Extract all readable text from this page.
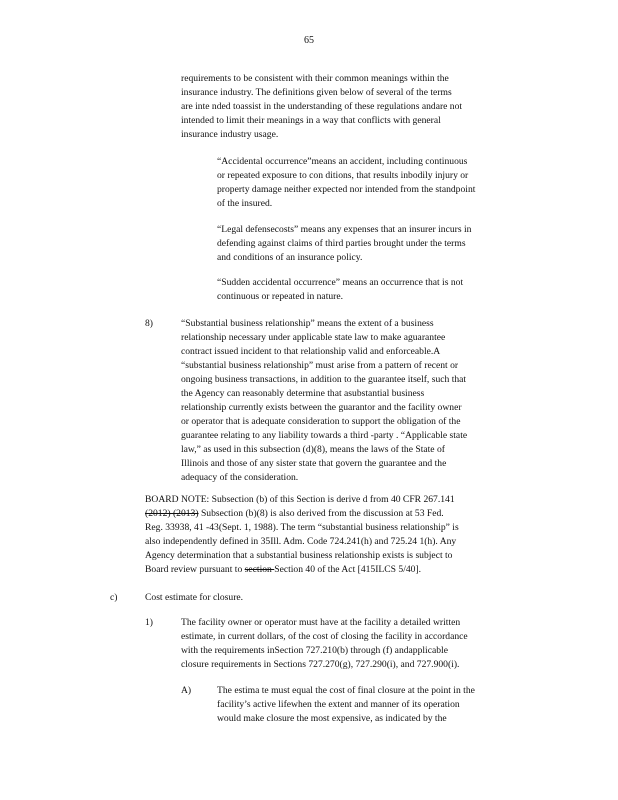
65
requirements to be consistent with their common meanings within the
insurance industry. The definitions given below of several of the terms
are inte nded toassist in the understanding of these regulations andare not
intended to limit their meanings in a way that conflicts with general
insurance industry usage.
“Accidental occurrence”means an accident, including continuous
or repeated exposure to con ditions, that results inbodily injury or
property damage neither expected nor intended from the standpoint
of the insured.
“Legal defensecosts” means any expenses that an insurer incurs in
defending against claims of third parties brought under the terms
and conditions of an insurance policy.
“Sudden accidental occurrence” means an occurrence that is not
continuous or repeated in nature.
8)	“Substantial business relationship” means the extent of a business
relationship necessary under applicable state law to make aguarantee
contract issued incident to that relationship valid and enforceable.A
“substantial business relationship” must arise from a pattern of recent or
ongoing business transactions, in addition to the guarantee itself, such that
the Agency can reasonably determine that asubstantial business
relationship currently exists between the guarantor and the facility owner
or operator that is adequate consideration to support the obligation of the
guarantee relating to any liability towards a third -party . “Applicable state
law,” as used in this subsection (d)(8), means the laws of the State of
Illinois and those of any sister state that govern the guarantee and the
adequacy of the consideration.
BOARD NOTE: Subsection (b) of this Section is derive d from 40 CFR 267.141
(2012) (2013) Subsection (b)(8) is also derived from the discussion at 53 Fed.
Reg. 33938, 41 -43(Sept. 1, 1988). The term “substantial business relationship” is
also independently defined in 35Ill. Adm. Code 724.241(h) and 725.24 1(h). Any
Agency determination that a substantial business relationship exists is subject to
Board review pursuant to section Section 40 of the Act [415ILCS 5/40].
c)	Cost estimate for closure.
1)	The facility owner or operator must have at the facility a detailed written
estimate, in current dollars, of the cost of closing the facility in accordance
with the requirements inSection 727.210(b) through (f) andapplicable
closure requirements in Sections 727.270(g), 727.290(i), and 727.900(i).
A)	The estima te must equal the cost of final closure at the point in the
facility’s active lifewhen the extent and manner of its operation
would make closure the most expensive, as indicated by the
